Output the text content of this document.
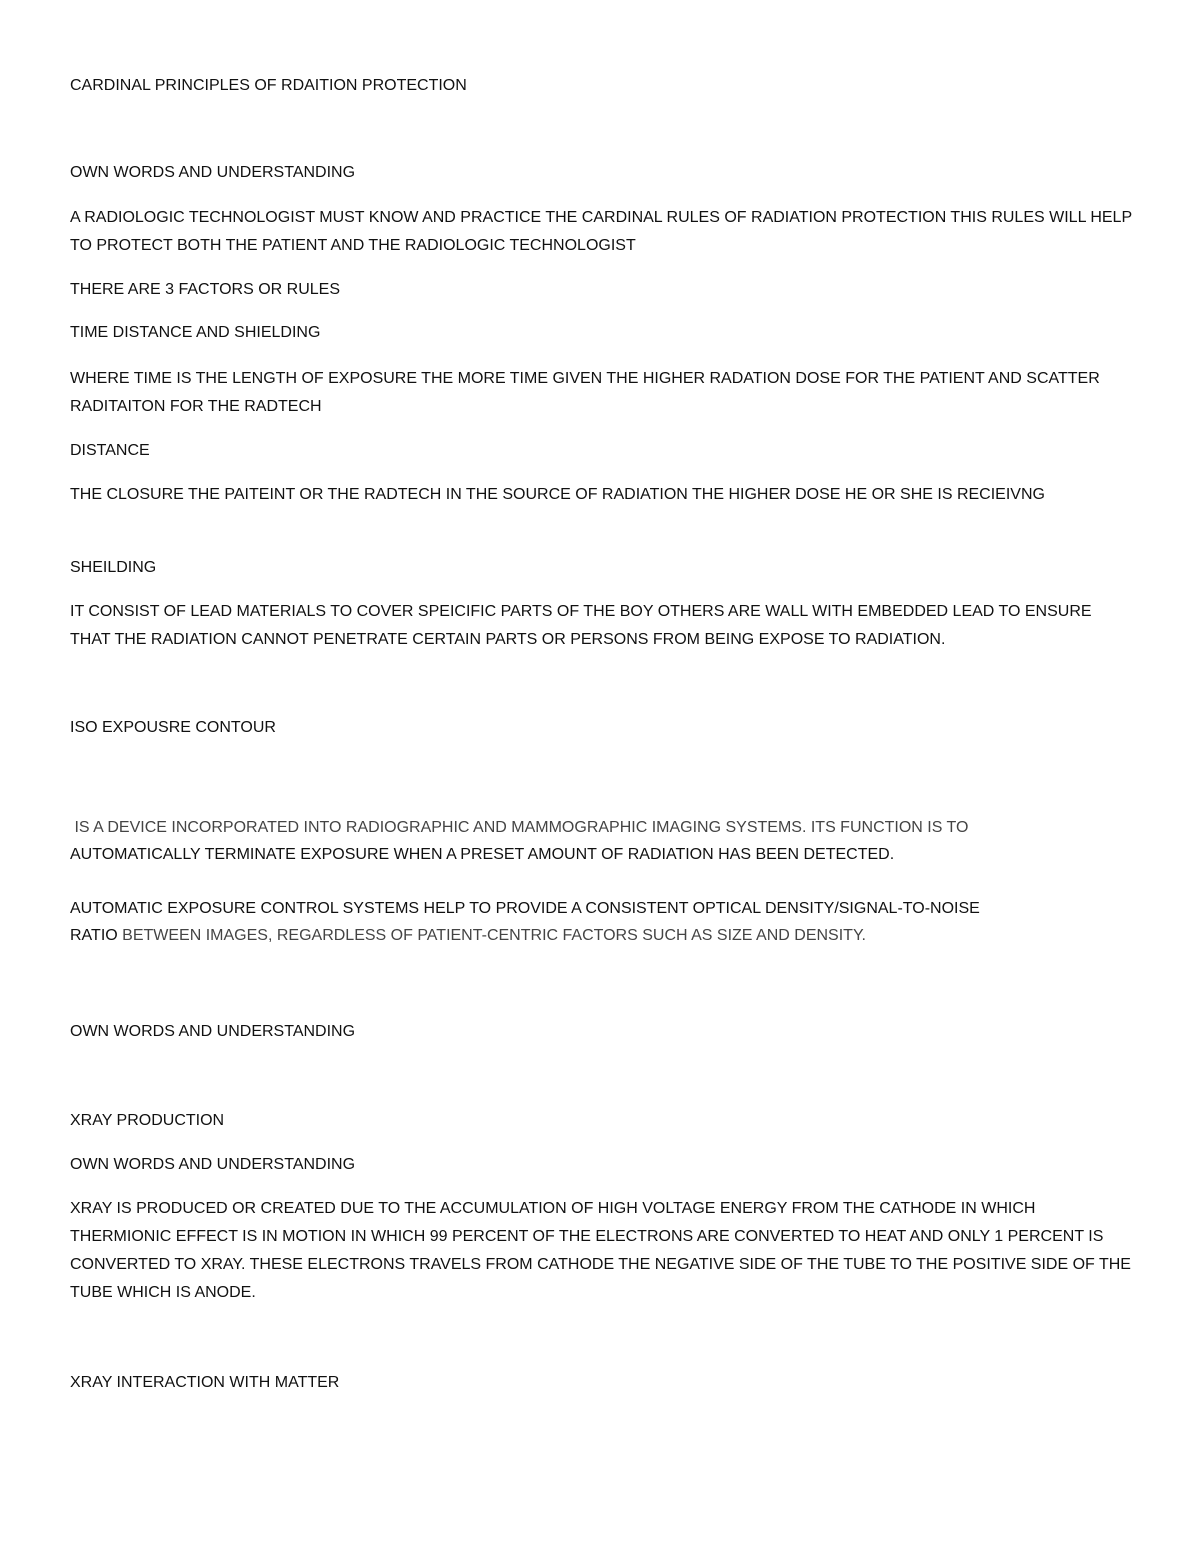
CARDINAL PRINCIPLES OF RDAITION PROTECTION

OWN WORDS AND UNDERSTANDING

A RADIOLOGIC TECHNOLOGIST MUST KNOW AND PRACTICE THE CARDINAL RULES OF RADIATION PROTECTION THIS RULES WILL HELP TO PROTECT BOTH THE PATIENT AND THE RADIOLOGIC TECHNOLOGIST

THERE ARE 3 FACTORS OR RULES

TIME DISTANCE AND SHIELDING

WHERE TIME IS THE LENGTH OF EXPOSURE THE MORE TIME GIVEN THE HIGHER RADATION DOSE FOR THE PATIENT AND SCATTER RADITAITON FOR THE RADTECH

DISTANCE

THE CLOSURE THE PAITEINT OR THE RADTECH IN THE SOURCE OF RADIATION THE HIGHER DOSE HE OR SHE IS RECIEIVNG

SHEILDING

IT CONSIST OF LEAD MATERIALS TO COVER SPEICIFIC PARTS OF THE BOY OTHERS ARE WALL WITH EMBEDDED LEAD TO ENSURE THAT THE RADIATION CANNOT PENETRATE CERTAIN PARTS OR PERSONS FROM BEING EXPOSE TO RADIATION.

ISO EXPOUSRE CONTOUR

IS A DEVICE INCORPORATED INTO RADIOGRAPHIC AND MAMMOGRAPHIC IMAGING SYSTEMS. ITS FUNCTION IS TO

AUTOMATICALLY TERMINATE EXPOSURE WHEN A PRESET AMOUNT OF RADIATION HAS BEEN DETECTED.

AUTOMATIC EXPOSURE CONTROL SYSTEMS HELP TO PROVIDE A CONSISTENT OPTICAL DENSITY/SIGNAL-TO-NOISE

RATIO BETWEEN IMAGES, REGARDLESS OF PATIENT-CENTRIC FACTORS SUCH AS SIZE AND DENSITY.

OWN WORDS AND UNDERSTANDING

XRAY PRODUCTION

OWN WORDS AND UNDERSTANDING

XRAY IS PRODUCED OR CREATED DUE TO THE ACCUMULATION OF HIGH VOLTAGE ENERGY FROM THE CATHODE IN WHICH THERMIONIC EFFECT IS IN MOTION IN WHICH 99 PERCENT OF THE ELECTRONS ARE CONVERTED TO HEAT AND ONLY 1 PERCENT IS CONVERTED TO XRAY. THESE ELECTRONS TRAVELS FROM CATHODE THE NEGATIVE SIDE OF THE TUBE TO THE POSITIVE SIDE OF THE TUBE WHICH IS ANODE.

XRAY INTERACTION WITH MATTER
